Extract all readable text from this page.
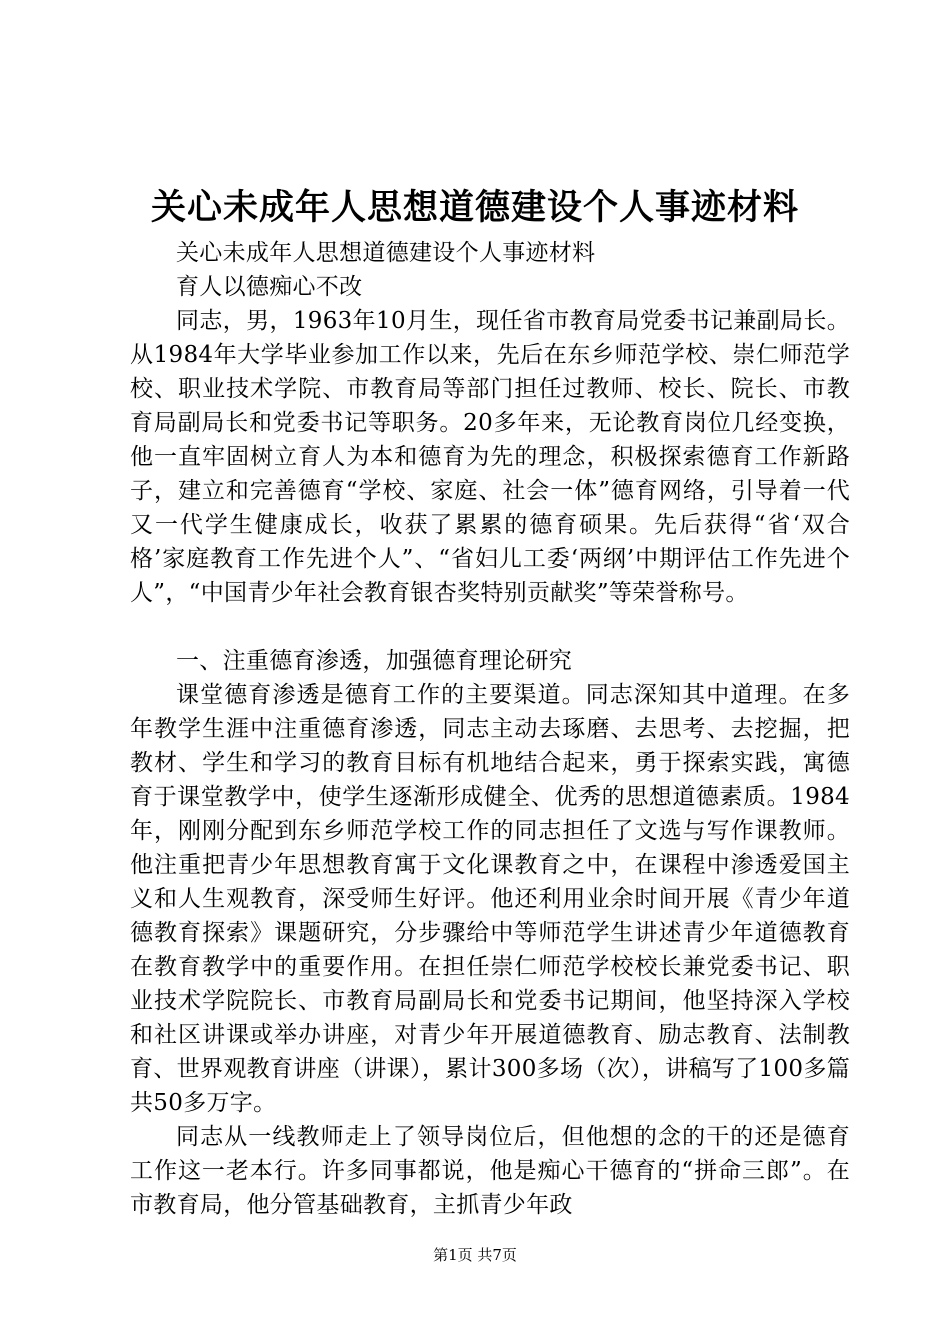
关心未成年人思想道德建设个人事迹材料

关心未成年人思想道德建设个人事迹材料

育人以德痴心不改

同志，男，1963年10月生，现任省市教育局党委书记兼副局长。从1984年大学毕业参加工作以来，先后在东乡师范学校、崇仁师范学校、职业技术学院、市教育局等部门担任过教师、校长、院长、市教育局副局长和党委书记等职务。20多年来，无论教育岗位几经变换，他一直牢固树立育人为本和德育为先的理念，积极探索德育工作新路子，建立和完善德育“学校、家庭、社会一体”德育网络，引导着一代又一代学生健康成长，收获了累累的德育硕果。先后获得“省‘双合格’家庭教育工作先进个人”、“省妇儿工委‘两纲’中期评估工作先进个人”，“中国青少年社会教育银杏奖特别贡献奖”等荣誉称号。

一、注重德育渗透，加强德育理论研究

课堂德育渗透是德育工作的主要渠道。同志深知其中道理。在多年教学生涯中注重德育渗透，同志主动去琢磨、去思考、去挖掘，把教材、学生和学习的教育目标有机地结合起来，勇于探索实践，寓德育于课堂教学中，使学生逐渐形成健全、优秀的思想道德素质。1984年，刚刚分配到东乡师范学校工作的同志担任了文选与写作课教师。他注重把青少年思想教育寓于文化课教育之中，在课程中渗透爱国主义和人生观教育，深受师生好评。他还利用业余时间开展《青少年道德教育探索》课题研究，分步骤给中等师范学生讲述青少年道德教育在教育教学中的重要作用。在担任崇仁师范学校校长兼党委书记、职业技术学院院长、市教育局副局长和党委书记期间，他坚持深入学校和社区讲课或举办讲座，对青少年开展道德教育、励志教育、法制教育、世界观教育讲座（讲课），累计300多场（次），讲稿写了100多篇共50多万字。

同志从一线教师走上了领导岗位后，但他想的念的干的还是德育工作这一老本行。许多同事都说，他是痴心干德育的“拼命三郎”。在市教育局，他分管基础教育，主抓青少年政

第1页 共7页
